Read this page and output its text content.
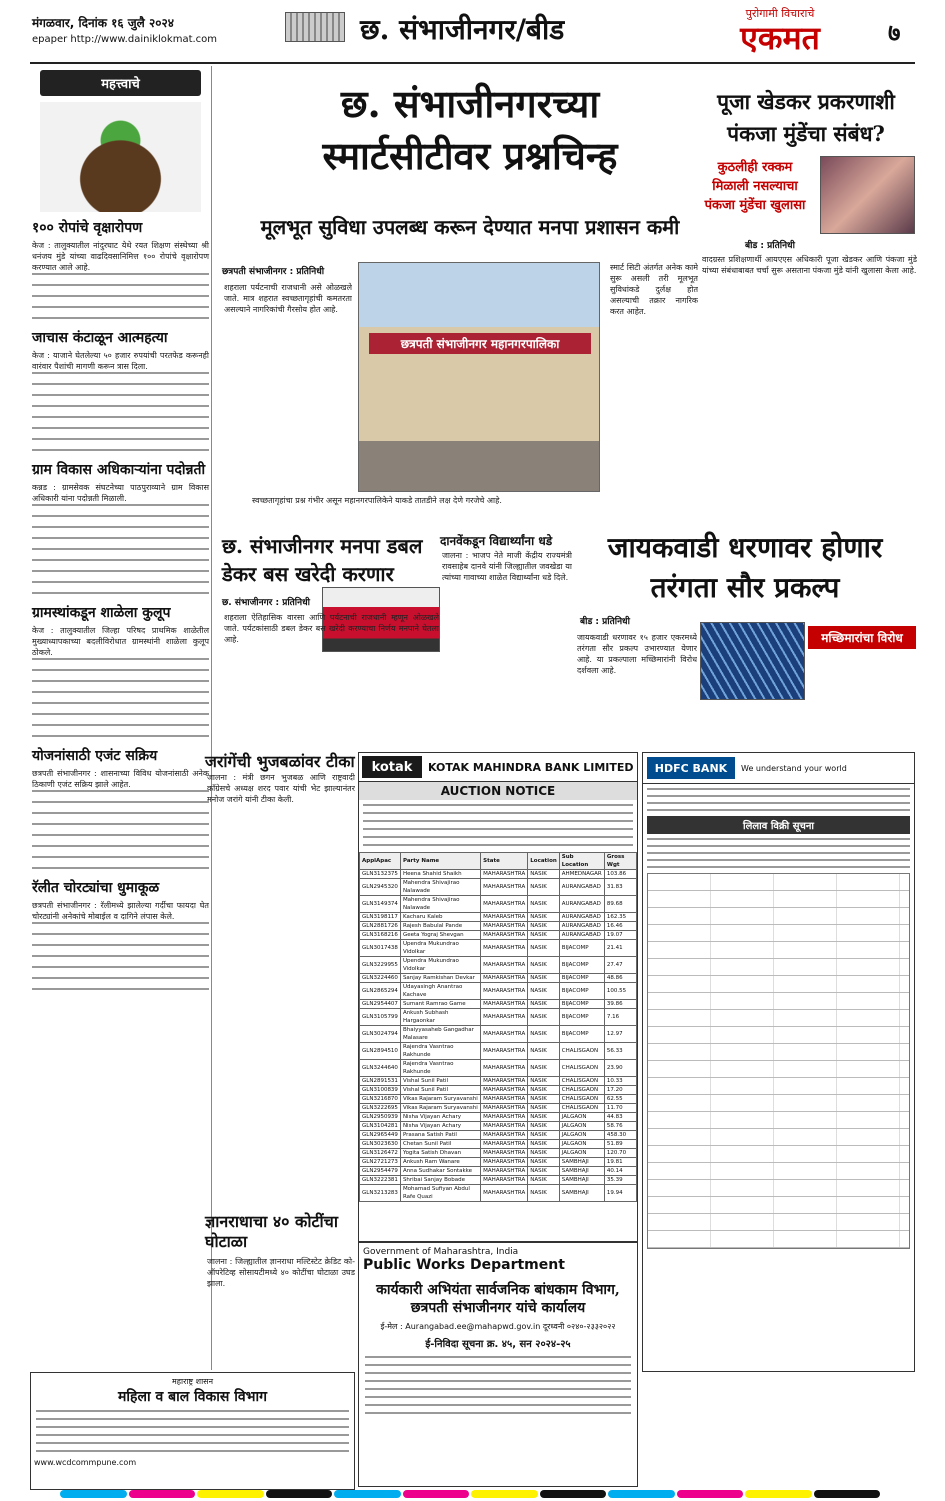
मंगळवार, दिनांक १६ जुलै २०२४
epaper http://www.dainiklokmat.com	छ. संभाजीनगर/बीड	पुरोगामी विचाराचे
एकमत	७
महत्त्वाचे
१०० रोपांचे वृक्षारोपण
केज : तालुक्यातील नांदुरघाट येथे रयत शिक्षण संस्थेच्या श्री धनंजय मुंडे यांच्या वाढदिवसानिमित्त १०० रोपांचे वृक्षारोपण करण्यात आले आहे.
जाचास कंटाळून आत्महत्या
केज : याजाने घेतलेल्या ५० हजार रुपयांची परतफेड करूनही वारंवार पैशांची मागणी करून त्रास दिला.
ग्राम विकास अधिकाऱ्यांना पदोन्नती
कन्नड : ग्रामसेवक संघटनेच्या पाठपुराव्याने ग्राम विकास अधिकारी यांना पदोन्नती मिळाली.
ग्रामस्थांकडून शाळेला कुलूप
केज : तालुक्यातील जिल्हा परिषद प्राथमिक शाळेतील मुख्याध्यापकाच्या बदलीविरोधात ग्रामस्थांनी शाळेला कुलूप ठोकले.
योजनांसाठी एजंट सक्रिय
छत्रपती संभाजीनगर : शासनाच्या विविध योजनांसाठी अनेक ठिकाणी एजंट सक्रिय झाले आहेत.
रॅलीत चोरट्यांचा धुमाकूळ
छत्रपती संभाजीनगर : रॅलीमध्ये झालेल्या गर्दीचा फायदा घेत चोरट्यांनी अनेकांचे मोबाईल व दागिने लंपास केले.
छ. संभाजीनगरच्या
स्मार्टसीटीवर प्रश्नचिन्ह
मूलभूत सुविधा उपलब्ध करून देण्यात मनपा प्रशासन कमी
छत्रपती संभाजीनगर : प्रतिनिधी
शहराला पर्यटनाची राजधानी असे ओळखले जाते. मात्र शहरात स्वच्छतागृहांची कमतरता असल्याने नागरिकांची गैरसोय होत आहे.
छत्रपती संभाजीनगर महानगरपालिका
स्वच्छतागृहांचा प्रश्न गंभीर असून महानगरपालिकेने याकडे तातडीने लक्ष देणे गरजेचे आहे.
स्मार्ट सिटी अंतर्गत अनेक कामे सुरू असली तरी मूलभूत सुविधांकडे दुर्लक्ष होत असल्याची तक्रार नागरिक करत आहेत.
पूजा खेडकर प्रकरणाशी पंकजा मुंडेंचा संबंध?
कुठलीही रक्कम मिळाली नसल्याचा पंकजा मुंडेंचा खुलासा
बीड : प्रतिनिधी
वादग्रस्त प्रशिक्षणार्थी आयएएस अधिकारी पूजा खेडकर आणि पंकजा मुंडे यांच्या संबंधाबाबत चर्चा सुरू असताना पंकजा मुंडे यांनी खुलासा केला आहे.
छ. संभाजीनगर मनपा डबल डेकर बस खरेदी करणार
छ. संभाजीनगर : प्रतिनिधी
शहराला ऐतिहासिक वारसा आणि पर्यटनाची राजधानी म्हणून ओळखले जाते. पर्यटकांसाठी डबल डेकर बस खरेदी करण्याचा निर्णय मनपाने घेतला आहे.
दानवेंकडून विद्यार्थ्यांना धडे
जालना : भाजप नेते माजी केंद्रीय राज्यमंत्री रावसाहेब दानवे यांनी जिल्ह्यातील जवखेडा या त्यांच्या गावाच्या शाळेत विद्यार्थ्यांना धडे दिले.
जायकवाडी धरणावर होणार तरंगता सौर प्रकल्प
बीड : प्रतिनिधी
जायकवाडी धरणावर १५ हजार एकरमध्ये तरंगता सौर प्रकल्प उभारण्यात येणार आहे. या प्रकल्पाला मच्छिमारांनी विरोध दर्शवला आहे.
मच्छिमारांचा विरोध
जरांगेंची भुजबळांवर टीका
जालना : मंत्री छगन भुजबळ आणि राष्ट्रवादी काँग्रेसचे अध्यक्ष शरद पवार यांची भेट झाल्यानंतर मनोज जरांगे यांनी टीका केली.
kotak	KOTAK MAHINDRA BANK LIMITED
AUCTION NOTICE
ApplApac	Party Name	State	Location	Sub Location	Gross Wgt
GLN3132375	Heena Shahid Shaikh	MAHARASHTRA	NASIK	AHMEDNAGAR	103.86
GLN2945320	Mahendra Shivajirao Nalawade	MAHARASHTRA	NASIK	AURANGABAD	31.83
GLN3149374	Mahendra Shivajirao Nalawade	MAHARASHTRA	NASIK	AURANGABAD	89.68
GLN3198117	Kacharu Kaleb	MAHARASHTRA	NASIK	AURANGABAD	162.35
GLN2881726	Rajesh Babulal Pande	MAHARASHTRA	NASIK	AURANGABAD	16.46
GLN3168216	Geeta Yograj Shevgan	MAHARASHTRA	NASIK	AURANGABAD	19.07
GLN3017438	Upendra Mukundrao Vidolkar	MAHARASHTRA	NASIK	BIJACOMP	21.41
GLN3229955	Upendra Mukundrao Vidolkar	MAHARASHTRA	NASIK	BIJACOMP	27.47
GLN3224460	Sanjay Ramkishan Devkar	MAHARASHTRA	NASIK	BIJACOMP	48.86
GLN2865294	Udayasingh Anantrao Kachave	MAHARASHTRA	NASIK	BIJACOMP	100.55
GLN2954407	Sumant Ramrao Game	MAHARASHTRA	NASIK	BIJACOMP	39.86
GLN3105799	Ankush Subhash Hargaonkar	MAHARASHTRA	NASIK	BIJACOMP	7.16
GLN3024794	Bhaiyyasaheb Gangadhar Malasare	MAHARASHTRA	NASIK	BIJACOMP	12.97
GLN2894510	Rajendra Vasntrao Rakhunde	MAHARASHTRA	NASIK	CHALISGAON	56.33
GLN3244640	Rajendra Vasntrao Rakhunde	MAHARASHTRA	NASIK	CHALISGAON	23.90
GLN2891531	Vishal Sunil Patil	MAHARASHTRA	NASIK	CHALISGAON	10.33
GLN3100839	Vishal Sunil Patil	MAHARASHTRA	NASIK	CHALISGAON	17.20
GLN3216870	Vikas Rajaram Suryavanshi	MAHARASHTRA	NASIK	CHALISGAON	62.55
GLN3222695	Vikas Rajaram Suryavanshi	MAHARASHTRA	NASIK	CHALISGAON	11.70
GLN2950939	Nisha Vijayan Achary	MAHARASHTRA	NASIK	JALGAON	44.83
GLN3104281	Nisha Vijayan Achary	MAHARASHTRA	NASIK	JALGAON	58.76
GLN2965449	Prasana Satish Patil	MAHARASHTRA	NASIK	JALGAON	458.30
GLN3023630	Chetan Sunil Patil	MAHARASHTRA	NASIK	JALGAON	51.89
GLN3126472	Yogita Satish Dhavan	MAHARASHTRA	NASIK	JALGAON	120.70
GLN2721273	Ankush Ram Wanare	MAHARASHTRA	NASIK	SAMBHAJI	19.81
GLN2954479	Anna Sudhakar Sontakke	MAHARASHTRA	NASIK	SAMBHAJI	40.14
GLN3222381	Shribai Sanjay Bobade	MAHARASHTRA	NASIK	SAMBHAJI	35.39
GLN3213283	Mohamad Sufiyan Abdul Rafe Quazi	MAHARASHTRA	NASIK	SAMBHAJI	19.94
HDFC BANK	We understand your world
लिलाव विक्री सूचना
ज्ञानराधाचा ४० कोटींचा घोटाळा
जालना : जिल्ह्यातील ज्ञानराधा मल्टिस्टेट क्रेडिट को-ऑपरेटिव्ह सोसायटीमध्ये ४० कोटींचा घोटाळा उघड झाला.
Government of Maharashtra, India
Public Works Department
कार्यकारी अभियंता सार्वजनिक बांधकाम विभाग, छत्रपती संभाजीनगर यांचे कार्यालय
ई-मेल : Aurangabad.ee@mahapwd.gov.in दूरध्वनी ०२४०-२३३२०२२
ई-निविदा सूचना क्र. ४५, सन २०२४-२५
महाराष्ट्र शासन
महिला व बाल विकास विभाग
www.wcdcommpune.com
